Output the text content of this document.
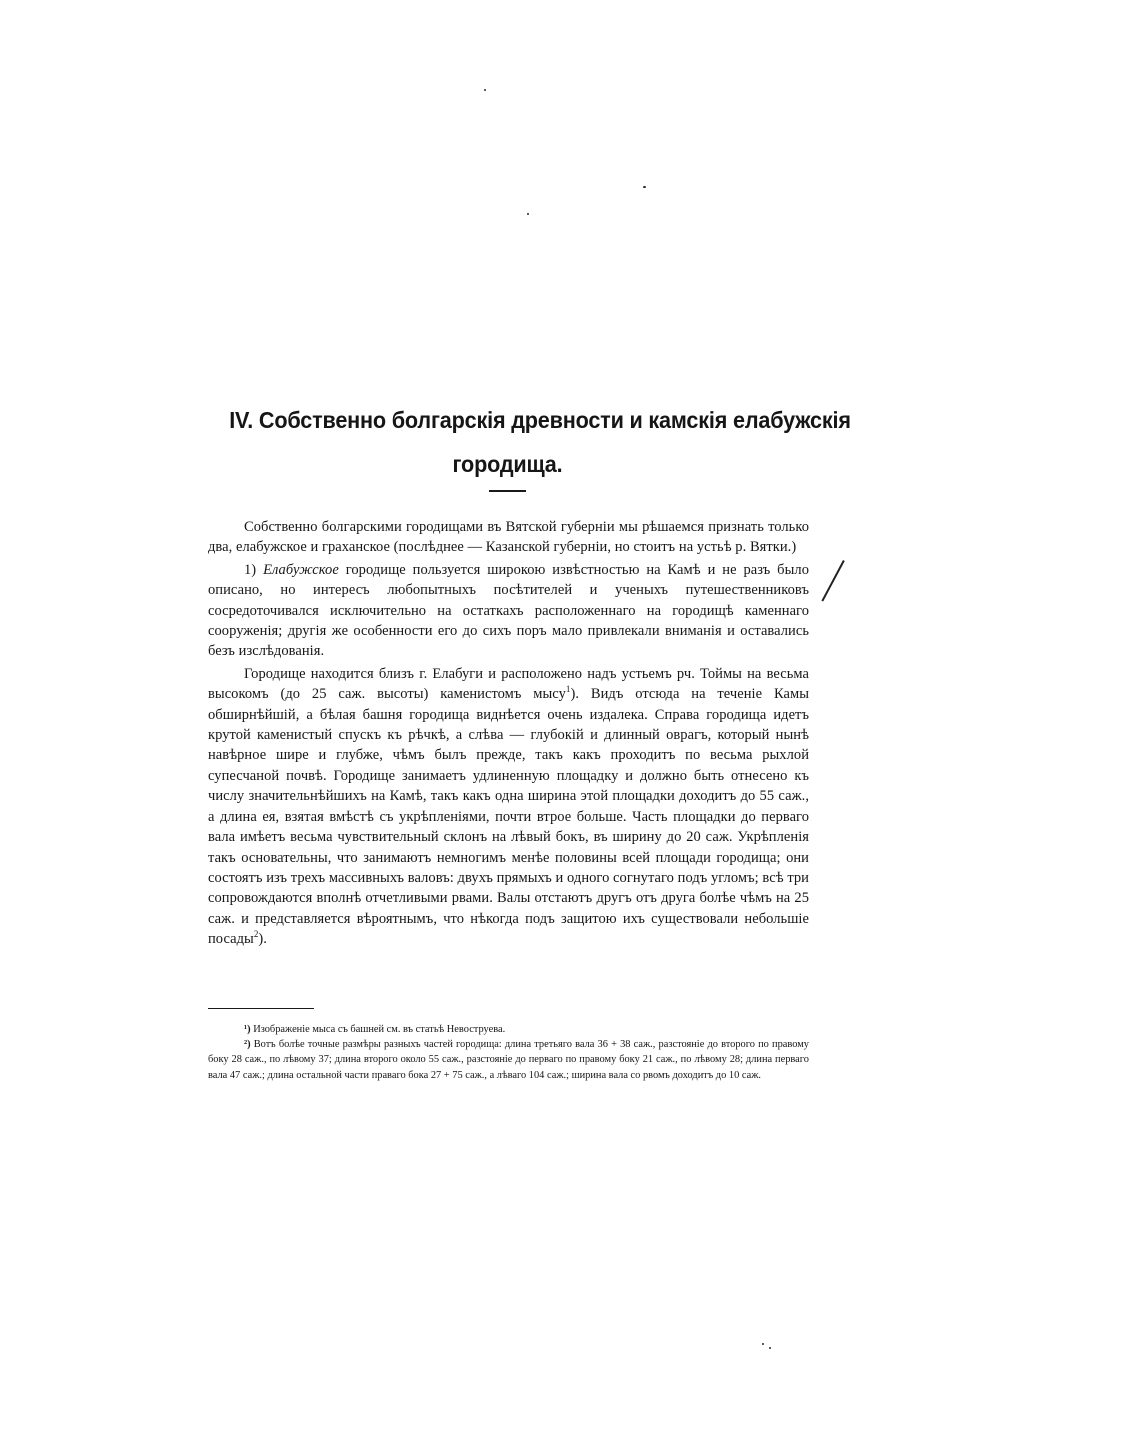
IV. Собственно болгарскія древности и камскія елабужскія
городища.

Собственно болгарскими городищами въ Вятской губерніи мы рѣшаемся признать только два, елабужское и граханское (послѣднее — Казанской губерніи, но стоитъ на устьѣ р. Вятки.)

1) Елабужское городище пользуется широкою извѣстностью на Камѣ и не разъ было описано, но интересъ любопытныхъ посѣтителей и ученыхъ путешественниковъ сосредоточивался исключительно на остаткахъ расположеннаго на городищѣ каменнаго сооруженія; другія же особенности его до сихъ поръ мало привлекали вниманія и оставались безъ изслѣдованія.

Городище находится близъ г. Елабуги и расположено надъ устьемъ рч. Тоймы на весьма высокомъ (до 25 саж. высоты) каменистомъ мысу$^1$). Видъ отсюда на теченіе Камы обширнѣйшій, а бѣлая башня городища виднѣется очень издалека. Справа городища идетъ крутой каменистый спускъ къ рѣчкѣ, а слѣва — глубокій и длинный оврагъ, который нынѣ навѣрное шире и глубже, чѣмъ былъ прежде, такъ какъ проходитъ по весьма рыхлой супесчаной почвѣ. Городище занимаетъ удлиненную площадку и должно быть отнесено къ числу значительнѣйшихъ на Камѣ, такъ какъ одна ширина этой площадки доходитъ до 55 саж., а длина ея, взятая вмѣстѣ съ укрѣпленіями, почти втрое больше. Часть площадки до перваго вала имѣетъ весьма чувствительный склонъ на лѣвый бокъ, въ ширину до 20 саж. Укрѣпленія такъ основательны, что занимаютъ немногимъ менѣе половины всей площади городища; они состоятъ изъ трехъ массивныхъ валовъ: двухъ прямыхъ и одного согнутаго подъ угломъ; всѣ три сопровождаются вполнѣ отчетливыми рвами. Валы отстаютъ другъ отъ друга болѣе чѣмъ на 25 саж. и представляется вѣроятнымъ, что нѣкогда подъ защитою ихъ существовали небольшіе посады$^2$).

¹) Изображеніе мыса съ башней см. въ статьѣ Невоструева.

²) Вотъ болѣе точные размѣры разныхъ частей городища: длина третьяго вала 36 + 38 саж., разстояніе до второго по правому боку 28 саж., по лѣвому 37; длина второго около 55 саж., разстояніе до перваго по правому боку 21 саж., по лѣвому 28; длина перваго вала 47 саж.; длина остальной части праваго бока 27 + 75 саж., а лѣваго 104 саж.; ширина вала со рвомъ доходитъ до 10 саж.
